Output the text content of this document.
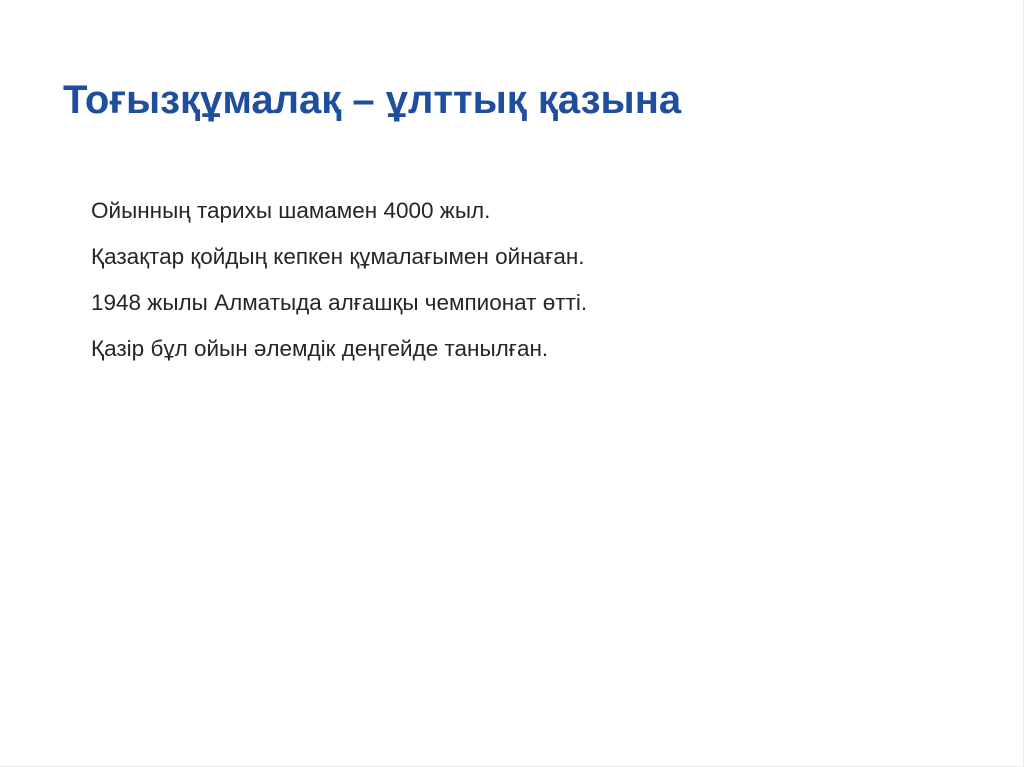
Тоғызқұмалақ – ұлттық қазына
Ойынның тарихы шамамен 4000 жыл.
Қазақтар қойдың кепкен құмалағымен ойнаған.
1948 жылы Алматыда алғашқы чемпионат өтті.
Қазір бұл ойын әлемдік деңгейде танылған.
